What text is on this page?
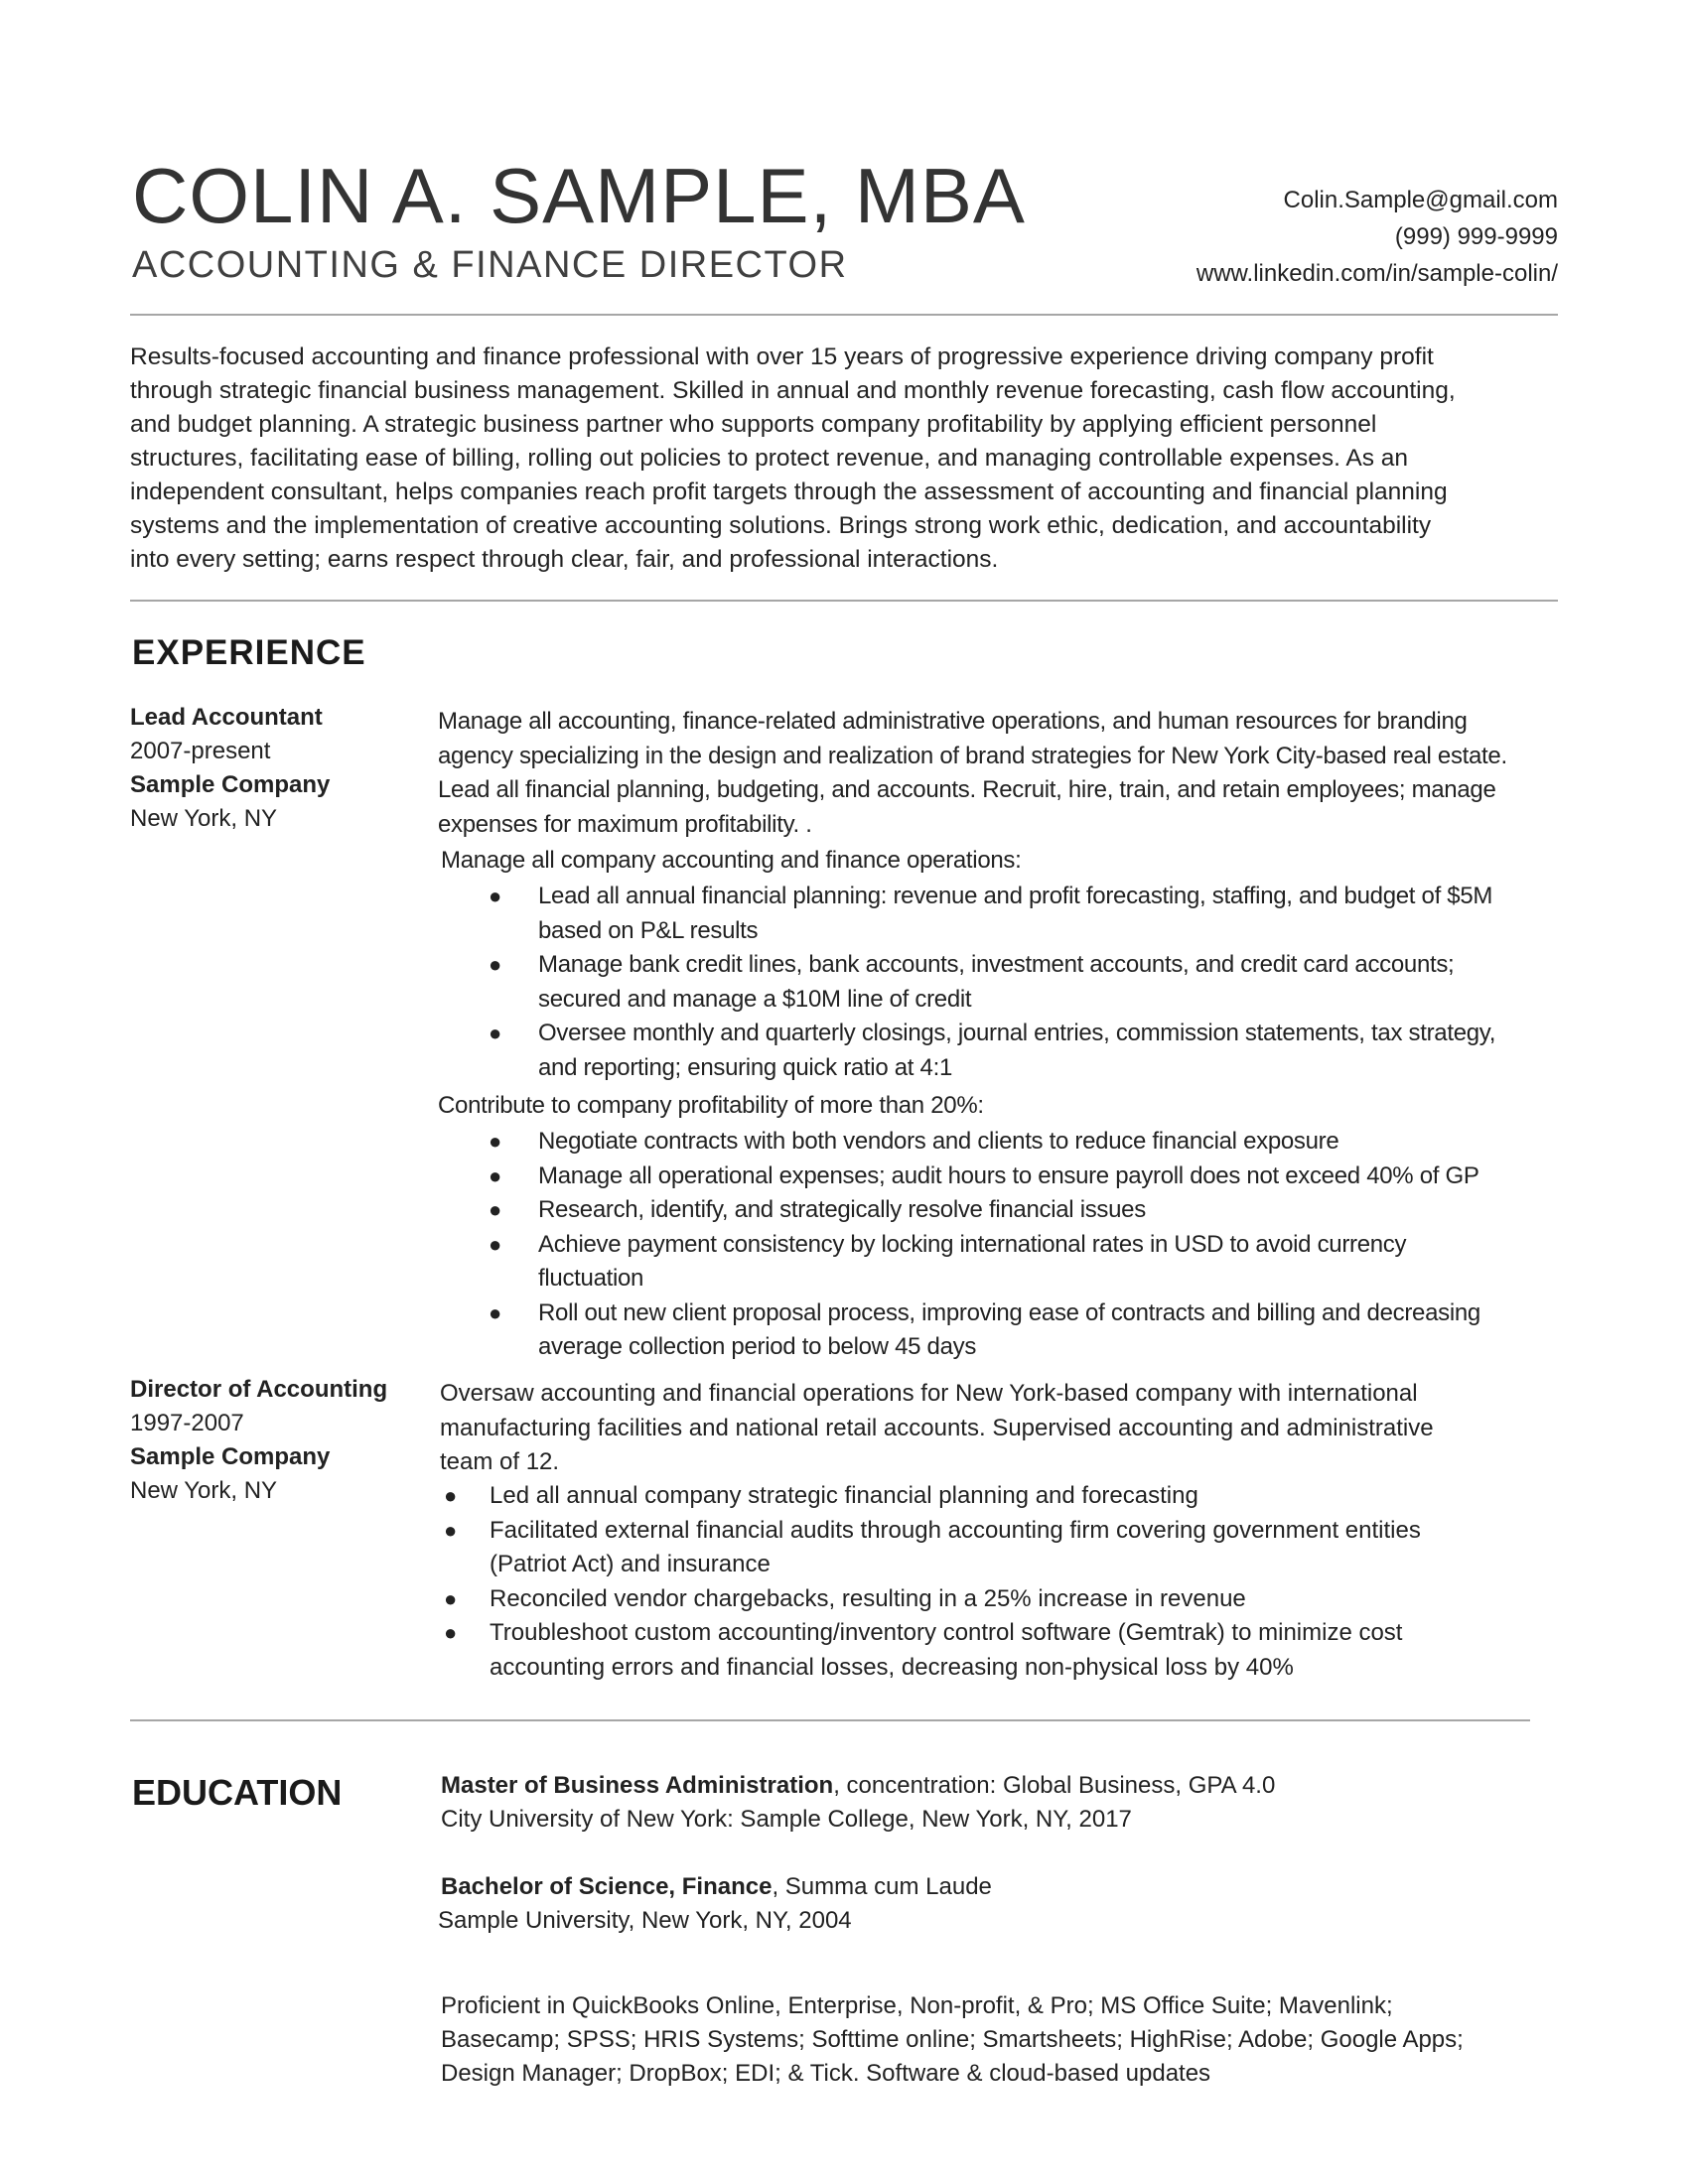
COLIN A. SAMPLE, MBA
ACCOUNTING & FINANCE DIRECTOR
Colin.Sample@gmail.com
(999) 999-9999
www.linkedin.com/in/sample-colin/

Results-focused accounting and finance professional with over 15 years of progressive experience driving company profit

through strategic financial business management. Skilled in annual and monthly revenue forecasting, cash flow accounting,

and budget planning. A strategic business partner who supports company profitability by applying efficient personnel

structures, facilitating ease of billing, rolling out policies to protect revenue, and managing controllable expenses. As an

independent consultant, helps companies reach profit targets through the assessment of accounting and financial planning

systems and the implementation of creative accounting solutions. Brings strong work ethic, dedication, and accountability

into every setting; earns respect through clear, fair, and professional interactions.

EXPERIENCE
Lead Accountant
2007-present
Sample Company
New York, NY

Manage all accounting, finance-related administrative operations, and human resources for branding

agency specializing in the design and realization of brand strategies for New York City-based real estate.

Lead all financial planning, budgeting, and accounts. Recruit, hire, train, and retain employees; manage

expenses for maximum profitability. .

Manage all company accounting and finance operations:
● Lead all annual financial planning: revenue and profit forecasting, staffing, and budget of $5M
based on P&L results
● Manage bank credit lines, bank accounts, investment accounts, and credit card accounts;
secured and manage a $10M line of credit
● Oversee monthly and quarterly closings, journal entries, commission statements, tax strategy,
and reporting; ensuring quick ratio at 4:1
Contribute to company profitability of more than 20%:
● Negotiate contracts with both vendors and clients to reduce financial exposure
● Manage all operational expenses; audit hours to ensure payroll does not exceed 40% of GP
● Research, identify, and strategically resolve financial issues
● Achieve payment consistency by locking international rates in USD to avoid currency
fluctuation
● Roll out new client proposal process, improving ease of contracts and billing and decreasing
average collection period to below 45 days
Director of Accounting
1997-2007
Sample Company
New York, NY

Oversaw accounting and financial operations for New York-based company with international

manufacturing facilities and national retail accounts. Supervised accounting and administrative

team of 12.

● Led all annual company strategic financial planning and forecasting
● Facilitated external financial audits through accounting firm covering government entities
(Patriot Act) and insurance
● Reconciled vendor chargebacks, resulting in a 25% increase in revenue
● Troubleshoot custom accounting/inventory control software (Gemtrak) to minimize cost
accounting errors and financial losses, decreasing non-physical loss by 40%
EDUCATION	Master of Business Administration, concentration: Global Business, GPA 4.0
City University of New York: Sample College, New York, NY, 2017
Bachelor of Science, Finance, Summa cum Laude
Sample University, New York, NY, 2004
Proficient in QuickBooks Online, Enterprise, Non-profit, & Pro; MS Office Suite; Mavenlink;
Basecamp; SPSS; HRIS Systems; Softtime online; Smartsheets; HighRise; Adobe; Google Apps;
Design Manager; DropBox; EDI; & Tick. Software & cloud-based updates
